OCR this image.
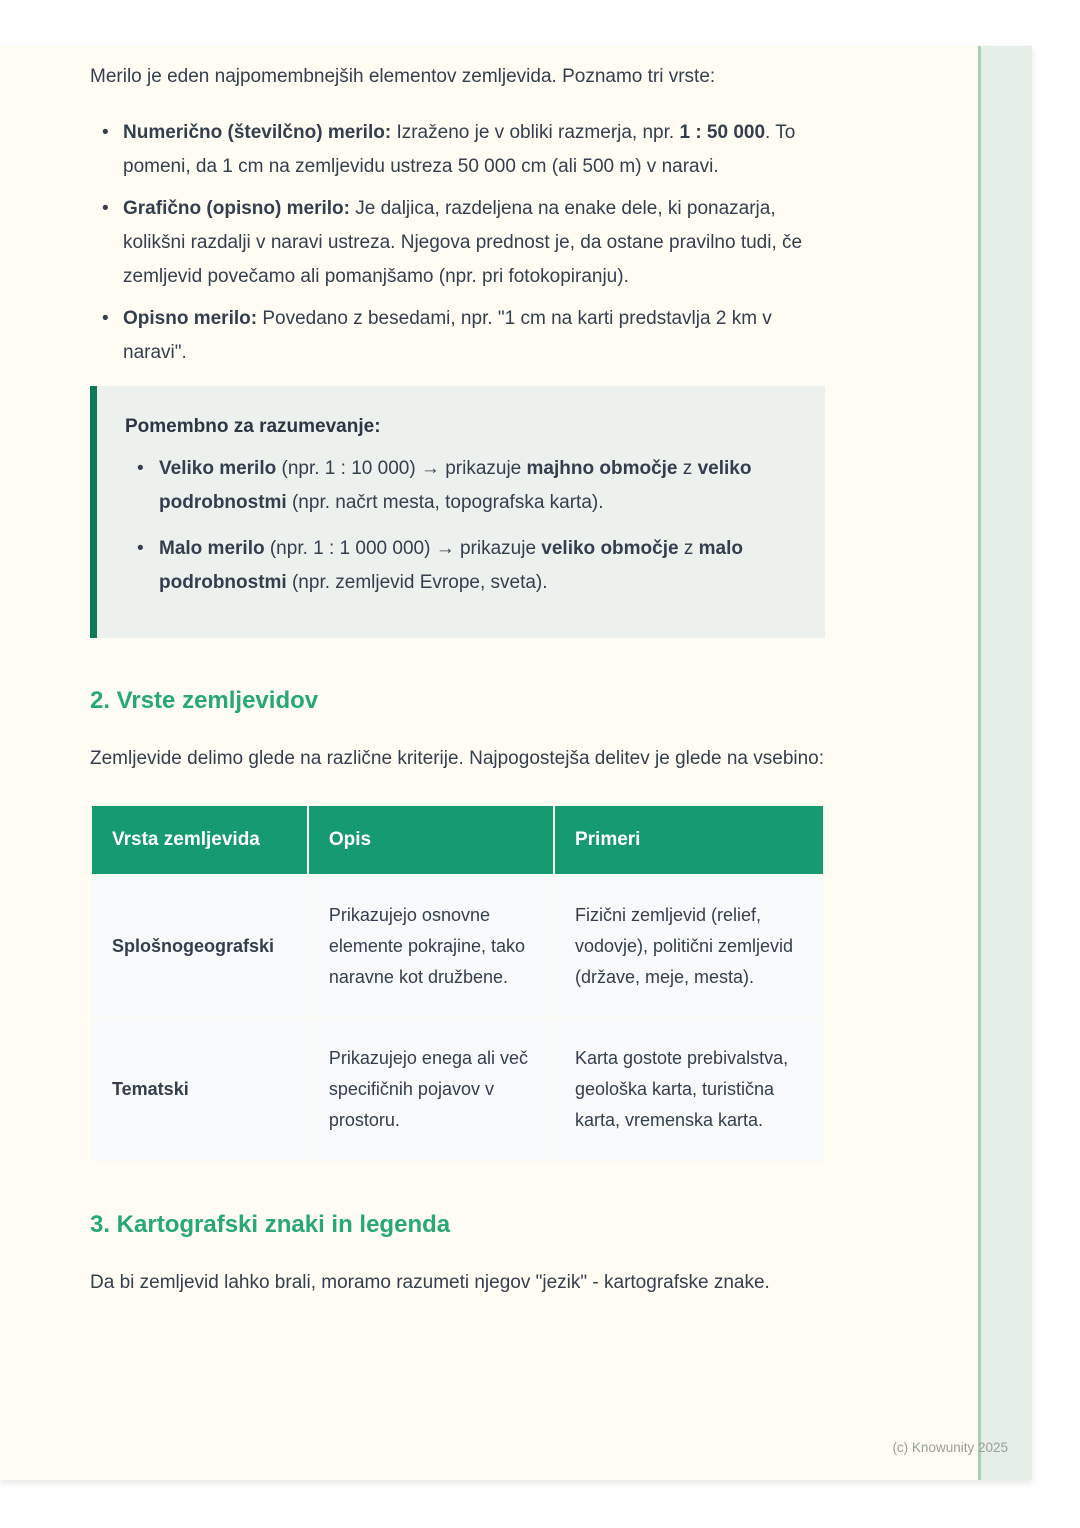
Merilo je eden najpomembnejših elementov zemljevida. Poznamo tri vrste:

• Numerično (številčno) merilo: Izraženo je v obliki razmerja, npr. 1 : 50 000. To pomeni, da 1 cm na zemljevidu ustreza 50 000 cm (ali 500 m) v naravi.
• Grafično (opisno) merilo: Je daljica, razdeljena na enake dele, ki ponazarja, kolikšni razdalji v naravi ustreza. Njegova prednost je, da ostane pravilno tudi, če zemljevid povečamo ali pomanjšamo (npr. pri fotokopiranju).
• Opisno merilo: Povedano z besedami, npr. "1 cm na karti predstavlja 2 km v naravi".

Pomembno za razumevanje:

• Veliko merilo (npr. 1 : 10 000) → prikazuje majhno območje z veliko podrobnostmi (npr. načrt mesta, topografska karta).
• Malo merilo (npr. 1 : 1 000 000) → prikazuje veliko območje z malo podrobnostmi (npr. zemljevid Evrope, sveta).
2. Vrste zemljevidov

Zemljevide delimo glede na različne kriterije. Najpogostejša delitev je glede na vsebino:

Vrsta zemljevida	Opis	Primeri
Splošnogeografski	Prikazujejo osnovne elemente pokrajine, tako naravne kot družbene.	Fizični zemljevid (relief, vodovje), politični zemljevid (države, meje, mesta).
Tematski	Prikazujejo enega ali več specifičnih pojavov v prostoru.	Karta gostote prebivalstva, geološka karta, turistična karta, vremenska karta.
3. Kartografski znaki in legenda

Da bi zemljevid lahko brali, moramo razumeti njegov "jezik" - kartografske znake.

(c) Knowunity 2025
